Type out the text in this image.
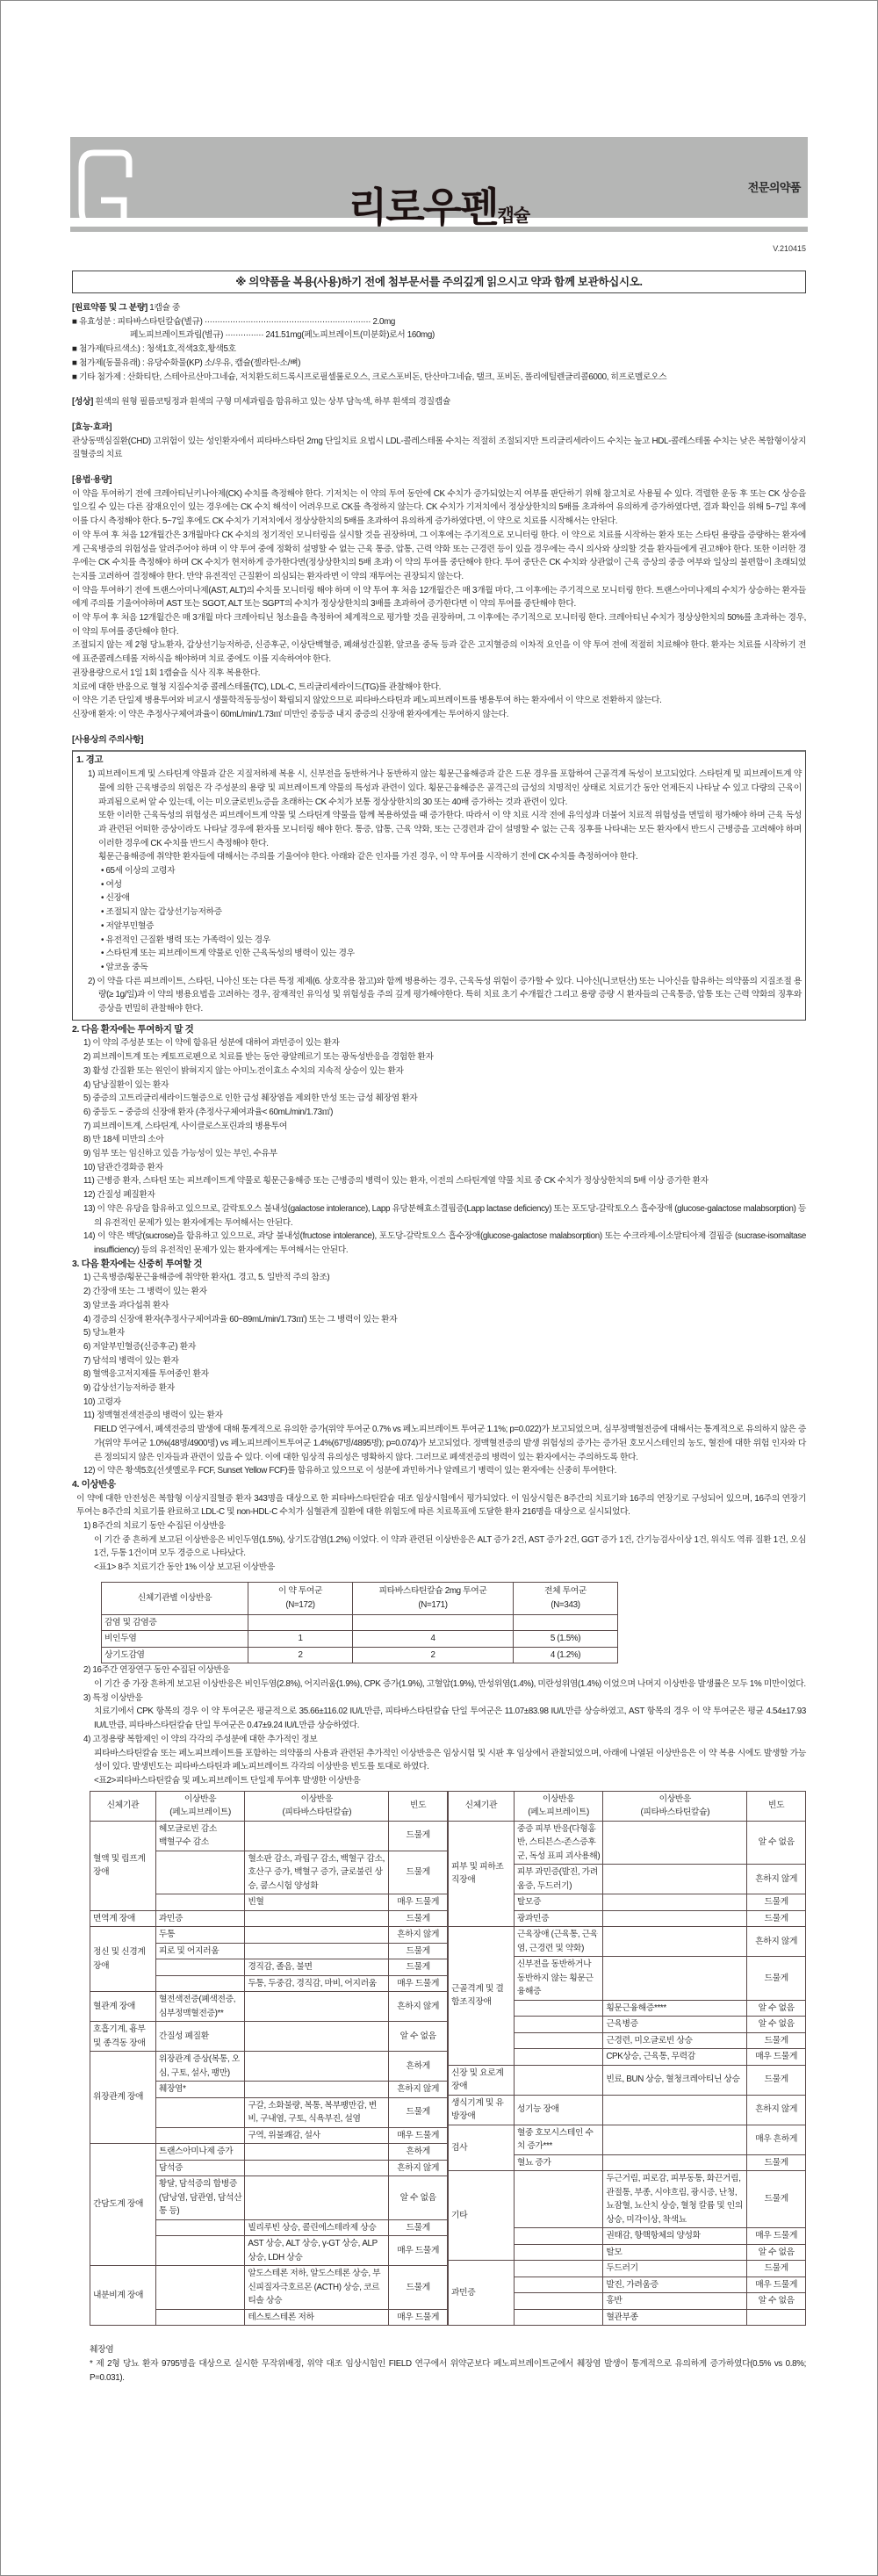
전문의약품
리로우펜캡슐
V.210415
※ 의약품을 복용(사용)하기 전에 첨부문서를 주의깊게 읽으시고 약과 함께 보관하십시오.
[원료약품 및 그 분량] 1캡슐 중
■ 유효성분 : 피타바스타틴칼슘(별규) ································································· 2.0mg
페노피브레이트과립(별규) ··············· 241.51mg(페노피브레이트(미분화)로서 160mg)
■ 첨가제(타르색소) : 청색1호,적색3호,황색5호
■ 첨가제(동물유래) : 유당수화물(KP) 소/우유, 캡슐(젤라틴-소/뼈)
■ 기타 첨가제 : 산화티탄, 스테아르산마그네슘, 저치환도히드록시프로필셀룰로오스, 크로스포비돈, 탄산마그네슘, 탤크, 포비돈, 폴리에틸렌글리콜6000, 히프로멜로오스
[성상] 흰색의 원형 필름코팅정과 흰색의 구형 미세과립을 함유하고 있는 상부 담녹색, 하부 흰색의 경질캡슐
[효능·효과]

관상동맥심질환(CHD) 고위험이 있는 성인환자에서 피타바스타틴 2mg 단일치료 요법시 LDL-콜레스테롤 수치는 적절히 조절되지만 트리글리세라이드 수치는 높고 HDL-콜레스테롤 수치는 낮은 복합형이상지질혈증의 치료

[용법·용량]

이 약을 투여하기 전에 크레아티닌키나아제(CK) 수치를 측정해야 한다. 기저치는 이 약의 투여 동안에 CK 수치가 증가되었는지 여부를 판단하기 위해 참고치로 사용될 수 있다. 격렬한 운동 후 또는 CK 상승을 일으킬 수 있는 다른 잠재요인이 있는 경우에는 CK 수치 해석이 어려우므로 CK를 측정하지 않는다. CK 수치가 기저치에서 정상상한치의 5배를 초과하여 유의하게 증가하였다면, 결과 확인을 위해 5~7일 후에 이를 다시 측정해야 한다. 5~7일 후에도 CK 수치가 기저치에서 정상상한치의 5배를 초과하여 유의하게 증가하였다면, 이 약으로 치료를 시작해서는 안된다.

이 약 투여 후 처음 12개월간은 3개월마다 CK 수치의 정기적인 모니터링을 실시할 것을 권장하며, 그 이후에는 주기적으로 모니터링 한다. 이 약으로 치료를 시작하는 환자 또는 스타틴 용량을 증량하는 환자에게 근육병증의 위험성을 알려주어야 하며 이 약 투여 중에 정확히 설명할 수 없는 근육 통증, 압통, 근력 약화 또는 근경련 등이 있을 경우에는 즉시 의사와 상의할 것을 환자들에게 권고해야 한다. 또한 이러한 경우에는 CK 수치를 측정해야 하며 CK 수치가 현저하게 증가한다면(정상상한치의 5배 초과) 이 약의 투여를 중단해야 한다. 투여 중단은 CK 수치와 상관없이 근육 증상의 중증 여부와 일상의 불편함이 초래되었는지를 고려하여 결정해야 한다. 만약 유전적인 근질환이 의심되는 환자라면 이 약의 재투여는 권장되지 않는다.

이 약을 투여하기 전에 트랜스아미나제(AST, ALT)의 수치를 모니터링 해야 하며 이 약 투여 후 처음 12개월간은 매 3개월 마다, 그 이후에는 주기적으로 모니터링 한다. 트랜스아미나제의 수치가 상승하는 환자들에게 주의를 기울여야하며 AST 또는 SGOT, ALT 또는 SGPT의 수치가 정상상한치의 3배를 초과하여 증가한다면 이 약의 투여를 중단해야 한다.

이 약 투여 후 처음 12개월간은 매 3개월 마다 크레아티닌 청소율을 측정하여 체계적으로 평가할 것을 권장하며, 그 이후에는 주기적으로 모니터링 한다. 크레아티닌 수치가 정상상한치의 50%를 초과하는 경우, 이 약의 투여를 중단해야 한다.

조절되지 않는 제 2형 당뇨환자, 갑상선기능저하증, 신증후군, 이상단백혈증, 폐쇄성간질환, 알코올 중독 등과 같은 고지혈증의 이차적 요인을 이 약 투여 전에 적절히 치료해야 한다. 환자는 치료를 시작하기 전에 표준콜레스테롤 저하식을 해야하며 치료 중에도 이를 지속하여야 한다.

권장용량으로서 1일 1회 1캡슐을 식사 직후 복용한다.

치료에 대한 반응으로 혈청 지질수치중 콜레스테롤(TC), LDL-C, 트리글리세라이드(TG)를 관찰해야 한다.

이 약은 기존 단일제 병용투여와 비교시 생물학적동등성이 확립되지 않았으므로 피타바스타틴과 페노피브레이트를 병용투여 하는 환자에서 이 약으로 전환하지 않는다.

신장애 환자: 이 약은 추정사구체여과율이 60mL/min/1.73㎡ 미만인 중등증 내지 중증의 신장애 환자에게는 투여하지 않는다.

[사용상의 주의사항]
1. 경고

1) 피브레이트계 및 스타틴계 약물과 같은 지질저하제 복용 시, 신부전을 동반하거나 동반하지 않는 횡문근융해증과 같은 드문 경우를 포함하여 근골격계 독성이 보고되었다. 스타틴계 및 피브레이트계 약물에 의한 근육병증의 위험은 각 주성분의 용량 및 피브레이트계 약물의 특성과 관련이 있다. 횡문근융해증은 골격근의 급성의 치명적인 상태로 치료기간 동안 언제든지 나타날 수 있고 다량의 근육이 파괴됨으로써 알 수 있는데, 이는 미오글로빈뇨증을 초래하는 CK 수치가 보통 정상상한치의 30 또는 40배 증가하는 것과 관련이 있다.

또한 이러한 근육독성의 위험성은 피브레이트계 약물 및 스타틴계 약물을 함께 복용하였을 때 증가한다. 따라서 이 약 치료 시작 전에 유익성과 더불어 치료적 위험성을 면밀히 평가해야 하며 근육 독성과 관련된 어떠한 증상이라도 나타날 경우에 환자를 모니터링 해야 한다. 통증, 압통, 근육 약화, 또는 근경련과 같이 설명할 수 없는 근육 징후를 나타내는 모든 환자에서 반드시 근병증을 고려해야 하며 이러한 경우에 CK 수치를 반드시 측정해야 한다.

횡문근융해증에 취약한 환자들에 대해서는 주의를 기울여야 한다. 아래와 같은 인자를 가진 경우, 이 약 투여를 시작하기 전에 CK 수치를 측정하여야 한다.

• 65세 이상의 고령자
• 여성
• 신장애
• 조절되지 않는 갑상선기능저하증
• 저알부민혈증
• 유전적인 근질환 병력 또는 가족력이 있는 경우
• 스타틴계 또는 피브레이트계 약물로 인한 근육독성의 병력이 있는 경우
• 알코올 중독

2) 이 약을 다른 피브레이트, 스타틴, 니아신 또는 다른 특정 제제(6. 상호작용 참고)와 함께 병용하는 경우, 근육독성 위험이 증가할 수 있다. 니아신(니코틴산) 또는 니아신을 함유하는 의약품의 지질조절 용량(≥ 1g/일)과 이 약의 병용요법을 고려하는 경우, 잠재적인 유익성 및 위험성을 주의 깊게 평가해야한다. 특히 치료 초기 수개월간 그리고 용량 증량 시 환자들의 근육통증, 압통 또는 근력 약화의 징후와 증상을 면밀히 관찰해야 한다.

2. 다음 환자에는 투여하지 말 것
1) 이 약의 주성분 또는 이 약에 함유된 성분에 대하여 과민증이 있는 환자
2) 피브레이트계 또는 케토프로펜으로 치료를 받는 동안 광알레르기 또는 광독성반응을 경험한 환자
3) 활성 간질환 또는 원인이 밝혀지지 않는 아미노전이효소 수치의 지속적 상승이 있는 환자
4) 담낭질환이 있는 환자
5) 중증의 고트리글리세라이드혈증으로 인한 급성 췌장염을 제외한 만성 또는 급성 췌장염 환자
6) 중등도 ~ 중증의 신장애 환자 (추정사구체여과율< 60mL/min/1.73㎡)
7) 피브레이트계, 스타틴계, 사이클로스포린과의 병용투여
8) 만 18세 미만의 소아
9) 임부 또는 임신하고 있을 가능성이 있는 부인, 수유부
10) 담관간경화증 환자
11) 근병증 환자, 스타틴 또는 피브레이트계 약물로 횡문근융해증 또는 근병증의 병력이 있는 환자, 이전의 스타틴계열 약물 치료 중 CK 수치가 정상상한치의 5배 이상 증가한 환자
12) 간질성 폐질환자
13) 이 약은 유당을 함유하고 있으므로, 갈락토오스 불내성(galactose intolerance), Lapp 유당분해효소결핍증(Lapp lactase deficiency) 또는 포도당-갈락토오스 흡수장애 (glucose-galactose malabsorption) 등의 유전적인 문제가 있는 환자에게는 투여해서는 안된다.
14) 이 약은 백당(sucrose)을 함유하고 있으므로, 과당 불내성(fructose intolerance), 포도당-갈락토오스 흡수장애(glucose-galactose malabsorption) 또는 수크라제-이소말티아제 결핍증 (sucrase-isomaltase insufficiency) 등의 유전적인 문제가 있는 환자에게는 투여해서는 안된다.
3. 다음 환자에는 신중히 투여할 것
1) 근육병증/횡문근융해증에 취약한 환자(1. 경고, 5. 일반적 주의 참조)
2) 간장애 또는 그 병력이 있는 환자
3) 알코올 과다섭취 환자
4) 경증의 신장애 환자(추정사구체여과율 60~89mL/min/1.73㎡) 또는 그 병력이 있는 환자
5) 당뇨환자
6) 저알부민혈증(신증후군) 환자
7) 담석의 병력이 있는 환자
8) 혈액응고저지제를 투여중인 환자
9) 갑상선기능저하증 환자
10) 고령자
11) 정맥혈전색전증의 병력이 있는 환자

FIELD 연구에서, 폐색전증의 발생에 대해 통계적으로 유의한 증가(위약 투여군 0.7% vs 페노피브레이트 투여군 1.1%; p=0.022)가 보고되었으며, 심부정맥혈전증에 대해서는 통계적으로 유의하지 않은 증가(위약 투여군 1.0%(48명/4900명) vs 페노피브레이트투여군 1.4%(67명/4895명); p=0.074)가 보고되었다. 정맥혈전증의 발생 위험성의 증가는 증가된 호모시스테인의 농도, 혈전에 대한 위험 인자와 다른 정의되지 않은 인자들과 관련이 있을 수 있다. 이에 대한 임상적 유의성은 명확하지 않다. 그러므로 폐색전증의 병력이 있는 환자에서는 주의하도록 한다.

12) 이 약은 황색5호(선셋옐로우 FCF, Sunset Yellow FCF)를 함유하고 있으므로 이 성분에 과민하거나 알레르기 병력이 있는 환자에는 신중히 투여한다.

4. 이상반응

이 약에 대한 안전성은 복합형 이상지질혈증 환자 343명을 대상으로 한 피타바스타틴칼슘 대조 임상시험에서 평가되었다. 이 임상시험은 8주간의 치료기와 16주의 연장기로 구성되어 있으며, 16주의 연장기 투여는 8주간의 치료기를 완료하고 LDL-C 및 non-HDL-C 수치가 심혈관계 질환에 대한 위험도에 따른 치료목표에 도달한 환자 216명을 대상으로 실시되었다.

1) 8주간의 치료기 동안 수집된 이상반응

이 기간 중 흔하게 보고된 이상반응은 비인두염(1.5%), 상기도감염(1.2%) 이었다. 이 약과 관련된 이상반응은 ALT 증가 2건, AST 증가 2건, GGT 증가 1건, 간기능검사이상 1건, 위식도 역류 질환 1건, 오심 1건, 두통 1건이며 모두 경증으로 나타났다.

<표1> 8주 치료기간 동안 1% 이상 보고된 이상반응
신체기관별 이상반응	이 약 투여군
(N=172)	피타바스타틴칼슘 2mg 투여군
(N=171)	전체 투여군
(N=343)
감염 및 감염증			
비인두염	1	4	5 (1.5%)
상기도감염	2	2	4 (1.2%)
2) 16주간 연장연구 동안 수집된 이상반응

이 기간 중 가장 흔하게 보고된 이상반응은 비인두염(2.8%), 어지러움(1.9%), CPK 증가(1.9%), 고혈압(1.9%), 만성위염(1.4%), 미란성위염(1.4%) 이었으며 나머지 이상반응 발생률은 모두 1% 미만이었다.

3) 특정 이상반응

치료기에서 CPK 항목의 경우 이 약 투여군은 평균적으로 35.66±116.02 IU/L만큼, 피타바스타틴칼슘 단일 투여군은 11.07±83.98 IU/L만큼 상승하였고, AST 항목의 경우 이 약 투여군은 평균 4.54±17.93 IU/L만큼, 피타바스타틴칼슘 단일 투여군은 0.47±9.24 IU/L만큼 상승하였다.

4) 고정용량 복합제인 이 약의 각각의 주성분에 대한 추가적인 정보

피타바스타틴칼슘 또는 페노피브레이트를 포함하는 의약품의 사용과 관련된 추가적인 이상반응은 임상시험 및 시판 후 임상에서 관찰되었으며, 아래에 나열된 이상반응은 이 약 복용 시에도 발생할 가능성이 있다. 발생빈도는 피타바스타틴과 페노피브레이트 각각의 이상반응 빈도를 토대로 하였다.

<표2>피타바스타틴칼슘 및 페노피브레이트 단일제 투여후 발생한 이상반응
신체기관	이상반응
(페노피브레이트)	이상반응
(피타바스타틴칼슘)	빈도
혈액 및 림프계 장애	헤모글로빈 감소
백혈구수 감소		드물게
		혈소판 감소, 과립구 감소, 백혈구 감소, 호산구 증가, 백혈구 증가, 글로불린 상승, 쿰스시험 양성화	드물게
		빈혈	매우 드물게
면역계 장애	과민증		드물게
정신 및 신경계 장애	두통		흔하지 않게
	피로 및 어지러움		드물게
		경직감, 졸음, 불면	드물게
		두통, 두중감, 경직감, 마비, 어지러움	매우 드물게
혈관계 장애	혈전색전증(폐색전증, 심부정맥혈전증)**		흔하지 않게
호흡기계, 흉부 및 종격동 장애	간질성 폐질환		알 수 없음
위장관계 장애	위장관계 증상(복통, 오심, 구토, 설사, 팽만)		흔하게
	췌장염*		흔하지 않게
		구갈, 소화불량, 복통, 복부팽만감, 변비, 구내염, 구토, 식욕부진, 설염	드물게
		구역, 위불쾌감, 설사	매우 드물게
간담도계 장애	트랜스아미나제 증가		흔하게
	담석증		흔하지 않게
	황달, 담석증의 합병증(담낭염, 담관염, 담석산통 등)		알 수 없음
		빌리루빈 상승, 콜린에스테라제 상승	드물게
		AST 상승, ALT 상승, γ-GT 상승, ALP 상승, LDH 상승	매우 드물게
내분비계 장애		알도스테론 저하, 알도스테론 상승, 부신피질자극호르몬 (ACTH) 상승, 코르티솔 상승	드물게
		테스토스테론 저하	매우 드물게
신체기관	이상반응
(페노피브레이트)	이상반응
(피타바스타틴칼슘)	빈도
피부 및 피하조직장애	중증 피부 반응(다형홍반, 스티븐스-존스증후군, 독성 표피 괴사용해)		알 수 없음
	피부 과민증(발진, 가려움증, 두드러기)		흔하지 않게
	탈모증		드물게
	광과민증		드물게
근골격계 및 결합조직장애	근육장애 (근육통, 근육염, 근경련 및 약화)		흔하지 않게
	신부전을 동반하거나 동반하지 않는 횡문근융해증		드물게
		횡문근융해증****	알 수 없음
		근육병증	알 수 없음
		근경련, 미오글로빈 상승	드물게
		CPK상승, 근육통, 무력감	매우 드물게
신장 및 요로계 장애		빈료, BUN 상승, 혈청크레아티닌 상승	드물게
생식기계 및 유방장애	성기능 장애		흔하지 않게
검사	혈중 호모시스테인 수치 증가***		매우 흔하게
	혈뇨 증가		드물게
기타		두근거림, 피로감, 피부동통, 화끈거림, 관절통, 부종, 시야흐림, 광시증, 난청, 뇨잠혈, 뇨산치 상승, 혈청 칼륨 및 인의 상승, 미각이상, 착색뇨	드물게
		권태감, 항핵항체의 양성화	매우 드물게
		탈모	알 수 없음
과민증		두드러기	드물게
		발진, 가려움증	매우 드물게
		홍반	알 수 없음
		혈관부종	
췌장염

* 제 2형 당뇨 환자 9795명을 대상으로 실시한 무작위배정, 위약 대조 임상시험인 FIELD 연구에서 위약군보다 페노피브레이트군에서 췌장염 발생이 통계적으로 유의하게 증가하였다(0.5% vs 0.8%; P=0.031).
